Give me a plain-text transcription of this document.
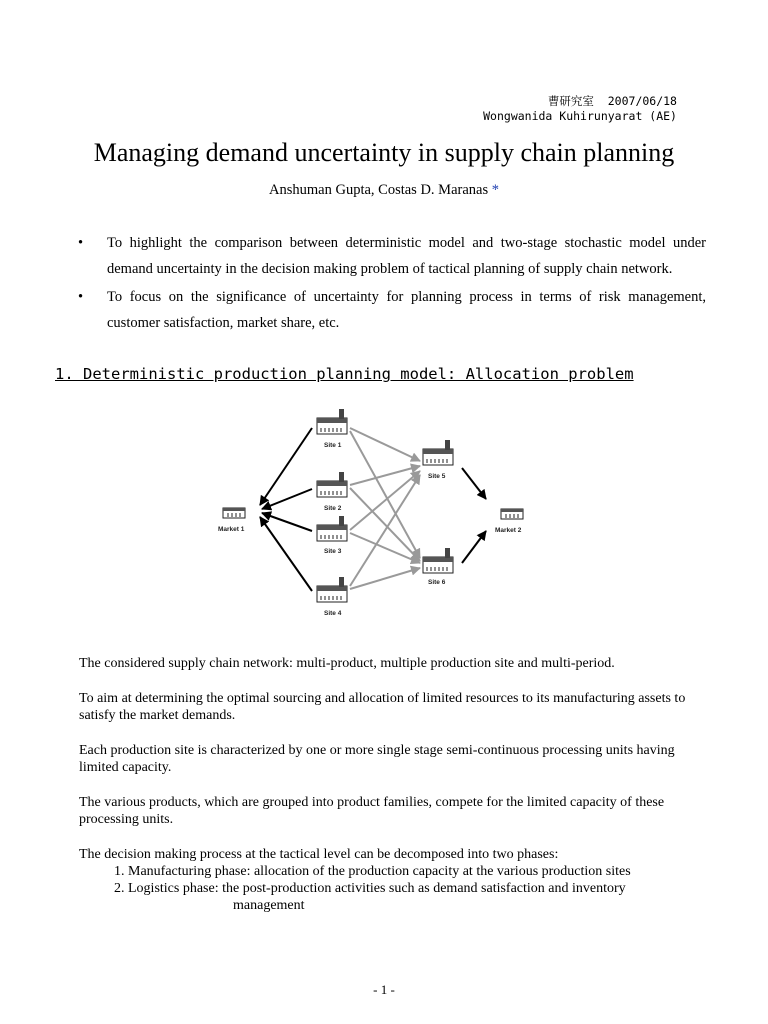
曹研究室 2007/06/18
Wongwanida Kuhirunyarat (AE)
Managing demand uncertainty in supply chain planning
Anshuman Gupta, Costas D. Maranas *
• To highlight the comparison between deterministic model and two-stage stochastic model under demand uncertainty in the decision making problem of tactical planning of supply chain network.
• To focus on the significance of uncertainty for planning process in terms of risk management, customer satisfaction, market share, etc.
1. Deterministic production planning model: Allocation problem
Site 1
Site 2
Site 3
Site 4
Site 5
Site 6
Market 1	Market 2

The considered supply chain network: multi-product, multiple production site and multi-period.

To aim at determining the optimal sourcing and allocation of limited resources to its manufacturing assets to satisfy the market demands.

Each production site is characterized by one or more single stage semi-continuous processing units having limited capacity.

The various products, which are grouped into product families, compete for the limited capacity of these processing units.

The decision making process at the tactical level can be decomposed into two phases:

1. Manufacturing phase: allocation of the production capacity at the various production sites

2. Logistics phase: the post-production activities such as demand satisfaction and inventory

management

- 1 -
